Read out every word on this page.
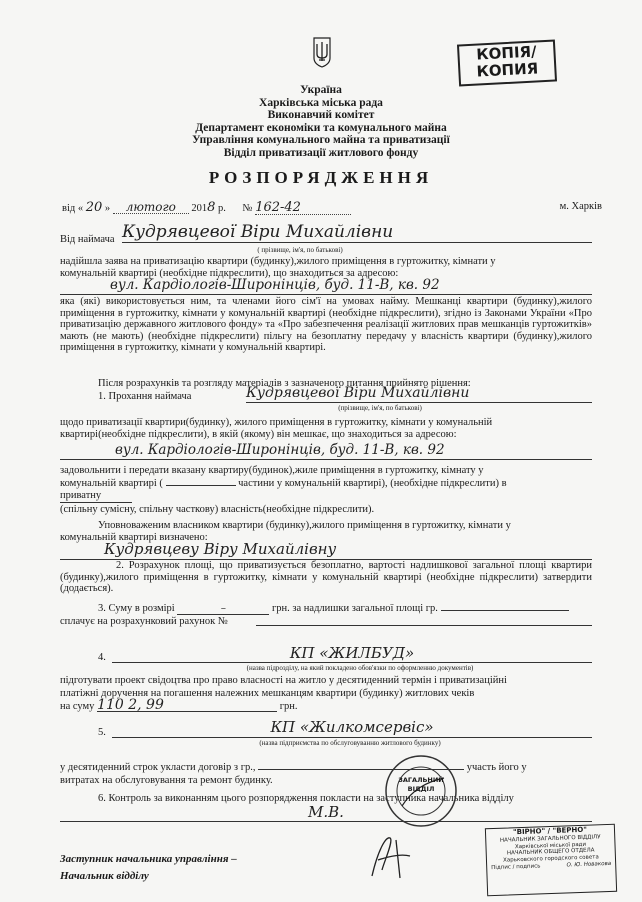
КОПІЯ/
КОПИЯ
Україна
Харківська міська рада
Виконавчий комітет
Департамент економіки та комунального майна
Управління комунального майна та приватизації
Відділ приватизації житлового фонду
РОЗПОРЯДЖЕННЯ
від « 20 » лютого 2018 р. № 162-42	м. Харків
Від наймача Кудрявцевої Віри Михайлівни
( прізвище, ім'я, по батькові)
надійшла заява на приватизацію квартири (будинку),жилого приміщення в гуртожитку, кімнати у
комунальній квартирі (необхідне підкреслити), що знаходиться за адресою:
вул. Кардіологів-Широнінців, буд. 11-В, кв. 92
яка (які) використовується ним, та членами його сім'ї на умовах найму. Мешканці квартири (будинку),жилого приміщення в гуртожитку, кімнати у комунальній квартирі (необхідне підкреслити), згідно із Законами України «Про приватизацію державного житлового фонду» та «Про забезпечення реалізації житлових прав мешканців гуртожитків» мають (не мають) (необхідне підкреслити) пільгу на безоплатну передачу у власність квартири (будинку),жилого приміщення в гуртожитку, кімнати у комунальній квартирі.
Після розрахунків та розгляду матеріалів з зазначеного питання прийнято рішення:
1. Прохання наймача	Кудрявцевої Віри Михайлівни
(прізвище, ім'я, по батькові)
щодо приватизації квартири(будинку), жилого приміщення в гуртожитку, кімнати у комунальній
квартирі(необхідне підкреслити), в якій (якому) він мешкає, що знаходиться за адресою:
вул. Кардіологів-Широнінців, буд. 11-В, кв. 92
задовольнити і передати вказану квартиру(будинок),жиле приміщення в гуртожитку, кімнату у
комунальній квартирі (	частини у комунальній квартирі), (необхідне підкреслити) в
приватну
(спільну сумісну, спільну часткову) власність(необхідне підкреслити).
Уповноваженим власником квартири (будинку),жилого приміщення в гуртожитку, кімнати у
комунальній квартирі визначено:
Кудрявцеву Віру Михайлівну
2. Розрахунок площі, що приватизується безоплатно, вартості надлишкової загальної площі квартири (будинку),жилого приміщення в гуртожитку, кімнати у комунальній квартирі (необхідне підкреслити) затвердити (додається).
3. Суму в розмірі	–	грн. за надлишки загальної площі гр.
сплачує на розрахунковий рахунок №
4.	КП «ЖИЛБУД»
(назва підрозділу, на який покладено обов'язки по оформленню документів)
підготувати проект свідоцтва про право власності на житло у десятиденний термін і приватизаційні
платіжні доручення на погашення належних мешканцям квартири (будинку) житлових чеків
на суму 110 2, 99	грн.
5.	КП «Жилкомсервіс»
(назва підприємства по обслуговуванню житлового будинку)
у десятиденний строк укласти договір з гр.,	участь його у
витратах на обслуговування та ремонт будинку.
6. Контроль за виконанням цього розпорядження покласти на заступника начальника відділу
М.В.
Заступник начальника управління –
Начальник відділу
ЗАГАЛЬНИЙ
ВІДДІЛ
"ВІРНО" / "ВЕРНО"
НАЧАЛЬНИК ЗАГАЛЬНОГО ВІДДІЛУ
Харківської міської ради
НАЧАЛЬНИК ОБЩЕГО ОТДЕЛА
Харьковского городского совета
Підпис / подпись	О. Ю. Новакова
